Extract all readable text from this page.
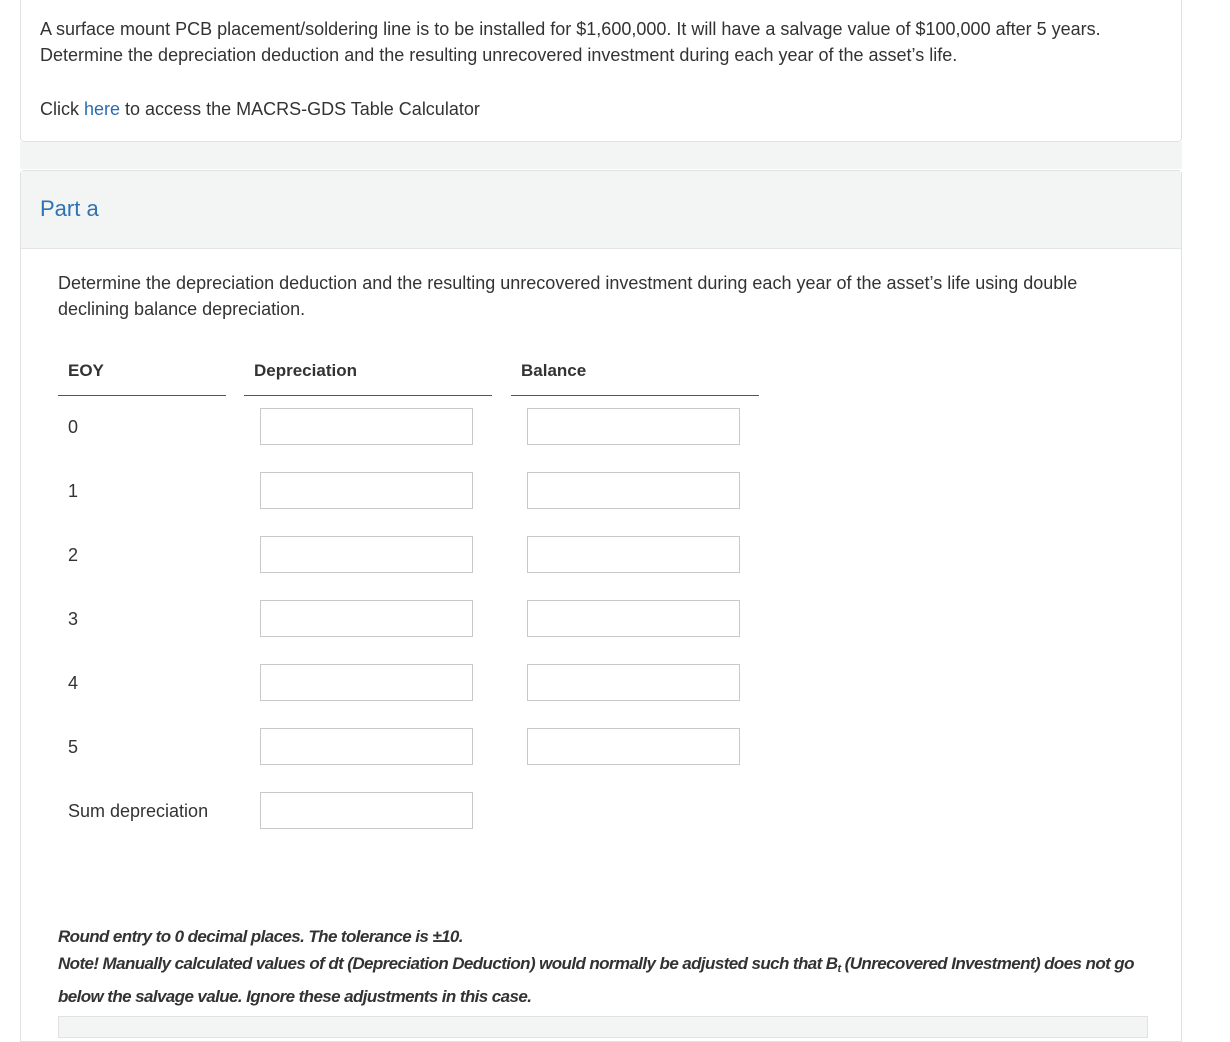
A surface mount PCB placement/soldering line is to be installed for $1,600,000. It will have a salvage value of $100,000 after 5 years.
Determine the depreciation deduction and the resulting unrecovered investment during each year of the asset’s life.

Click here to access the MACRS-GDS Table Calculator

Part a

Determine the depreciation deduction and the resulting unrecovered investment during each year of the asset’s life using double declining balance depreciation.

EOY	Depreciation	Balance
0
1
2
3
4
5
Sum depreciation

Round entry to 0 decimal places. The tolerance is ±10.
Note! Manually calculated values of dt (Depreciation Deduction) would normally be adjusted such that Bt (Unrecovered Investment) does not go below the salvage value. Ignore these adjustments in this case.
